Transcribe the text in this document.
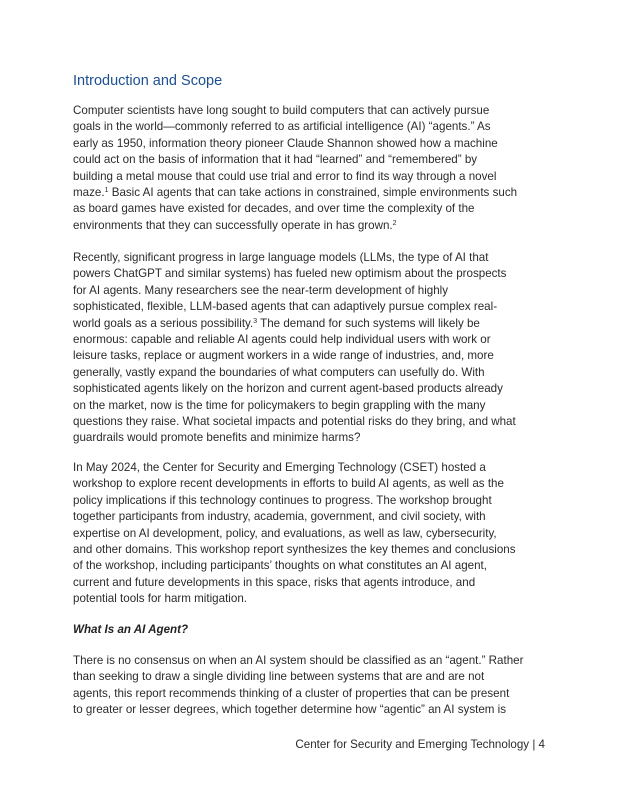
Introduction and Scope

Computer scientists have long sought to build computers that can actively pursue
goals in the world—commonly referred to as artificial intelligence (AI) “agents.” As
early as 1950, information theory pioneer Claude Shannon showed how a machine
could act on the basis of information that it had “learned” and “remembered” by
building a metal mouse that could use trial and error to find its way through a novel
maze.$^1$ Basic AI agents that can take actions in constrained, simple environments such
as board games have existed for decades, and over time the complexity of the
environments that they can successfully operate in has grown.$^2$

Recently, significant progress in large language models (LLMs, the type of AI that
powers ChatGPT and similar systems) has fueled new optimism about the prospects
for AI agents. Many researchers see the near-term development of highly
sophisticated, flexible, LLM-based agents that can adaptively pursue complex real-
world goals as a serious possibility.$^3$ The demand for such systems will likely be
enormous: capable and reliable AI agents could help individual users with work or
leisure tasks, replace or augment workers in a wide range of industries, and, more
generally, vastly expand the boundaries of what computers can usefully do. With
sophisticated agents likely on the horizon and current agent-based products already
on the market, now is the time for policymakers to begin grappling with the many
questions they raise. What societal impacts and potential risks do they bring, and what
guardrails would promote benefits and minimize harms?

In May 2024, the Center for Security and Emerging Technology (CSET) hosted a
workshop to explore recent developments in efforts to build AI agents, as well as the
policy implications if this technology continues to progress. The workshop brought
together participants from industry, academia, government, and civil society, with
expertise on AI development, policy, and evaluations, as well as law, cybersecurity,
and other domains. This workshop report synthesizes the key themes and conclusions
of the workshop, including participants’ thoughts on what constitutes an AI agent,
current and future developments in this space, risks that agents introduce, and
potential tools for harm mitigation.

What Is an AI Agent?

There is no consensus on when an AI system should be classified as an “agent.” Rather
than seeking to draw a single dividing line between systems that are and are not
agents, this report recommends thinking of a cluster of properties that can be present
to greater or lesser degrees, which together determine how “agentic” an AI system is

Center for Security and Emerging Technology | 4
